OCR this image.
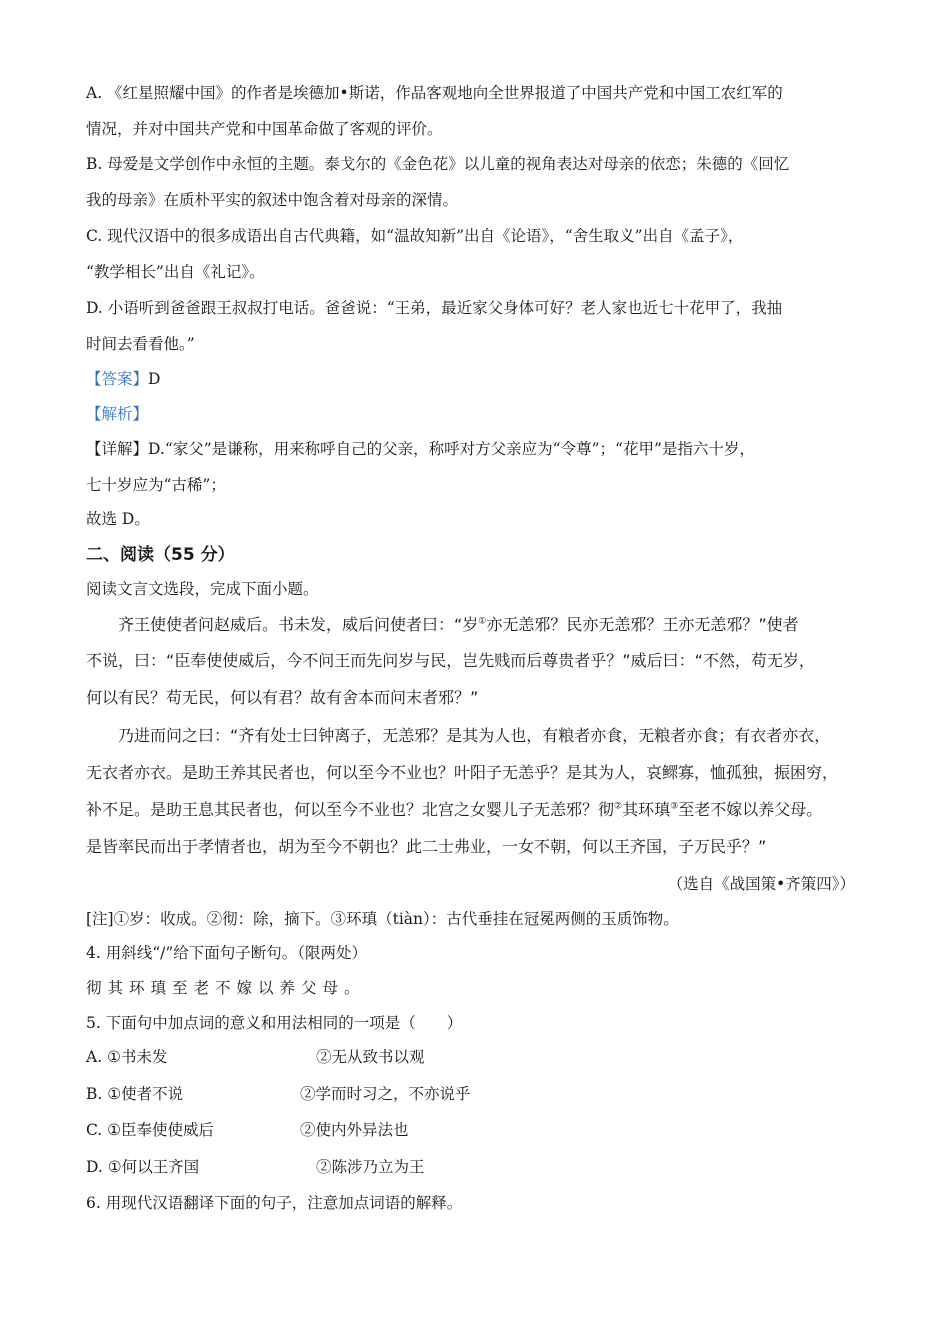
A. 《红星照耀中国》的作者是埃德加•斯诺，作品客观地向全世界报道了中国共产党和中国工农红军的
情况，并对中国共产党和中国革命做了客观的评价。
B. 母爱是文学创作中永恒的主题。泰戈尔的《金色花》以儿童的视角表达对母亲的依恋；朱德的《回忆
我的母亲》在质朴平实的叙述中饱含着对母亲的深情。
C. 现代汉语中的很多成语出自古代典籍，如“温故知新”出自《论语》，“舍生取义”出自《孟子》，
“教学相长”出自《礼记》。
D. 小语听到爸爸跟王叔叔打电话。爸爸说：“王弟，最近家父身体可好？老人家也近七十花甲了，我抽
时间去看看他。”
【答案】D
【解析】
【详解】D.“家父”是谦称，用来称呼自己的父亲，称呼对方父亲应为“令尊”；“花甲”是指六十岁，
七十岁应为“古稀”；
故选 D。
二、阅读（55 分）
阅读文言文选段，完成下面小题。
齐王使使者问赵威后。书未发，威后问使者曰：“岁①亦无恙邪？民亦无恙邪？王亦无恙邪？”使者
不说，曰：“臣奉使使威后，今不问王而先问岁与民，岂先贱而后尊贵者乎？”威后曰：“不然，苟无岁，
何以有民？苟无民，何以有君？故有舍本而问末者邪？”
乃进而问之曰：“齐有处士曰钟离子，无恙邪？是其为人也，有粮者亦食，无粮者亦食；有衣者亦衣，
无衣者亦衣。是助王养其民者也，何以至今不业也？叶阳子无恙乎？是其为人，哀鳏寡，恤孤独，振困穷，
补不足。是助王息其民者也，何以至今不业也？北宫之女婴儿子无恙邪？彻②其环瑱③至老不嫁以养父母。
是皆率民而出于孝情者也，胡为至今不朝也？此二士弗业，一女不朝，何以王齐国，子万民乎？”
（选自《战国策•齐策四》）
[注]①岁：收成。②彻：除，摘下。③环瑱（tiàn）：古代垂挂在冠冕两侧的玉质饰物。
4. 用斜线“/”给下面句子断句。（限两处）
彻其环瑱至老不嫁以养父母。
5. 下面句中加点词的意义和用法相同的一项是（　　）
A. ①书未发	②无从致书以观
B. ①使者不说	②学而时习之，不亦说乎
C. ①臣奉使使威后	②使内外异法也
D. ①何以王齐国	②陈涉乃立为王
6. 用现代汉语翻译下面的句子，注意加点词语的解释。
